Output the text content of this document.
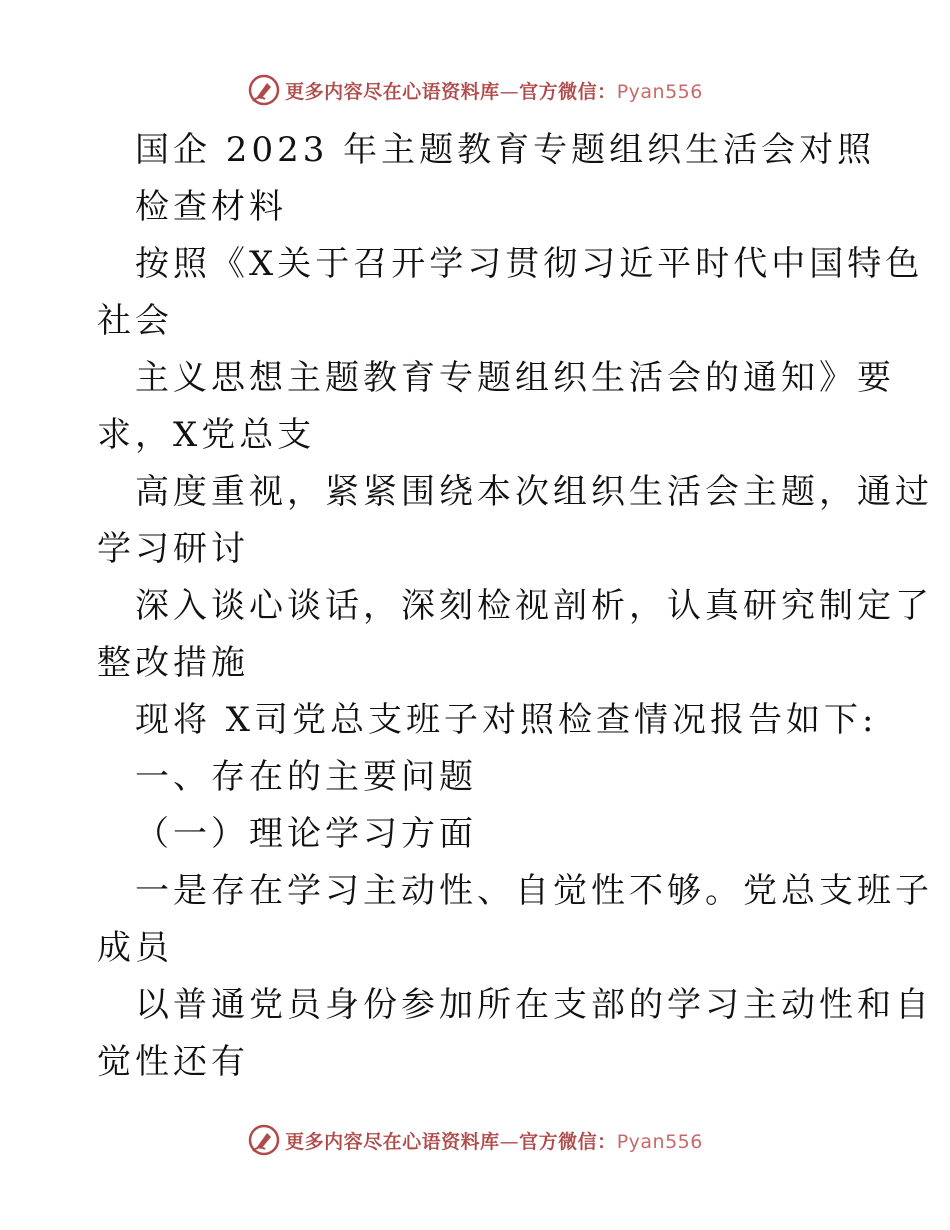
更多内容尽在心语资料库 — 官方微信： Pyan556
国企 2023 年主题教育专题组织生活会对照
检查材料
按照《X关于召开学习贯彻习近平时代中国特色
社会
主义思想主题教育专题组织生活会的通知》要
求，X党总支
高度重视，紧紧围绕本次组织生活会主题，通过
学习研讨
深入谈心谈话，深刻检视剖析，认真研究制定了
整改措施
现将 X司党总支班子对照检查情况报告如下:
一、存在的主要问题
（一）理论学习方面
一是存在学习主动性、自觉性不够。党总支班子
成员
以普通党员身份参加所在支部的学习主动性和自
觉性还有
更多内容尽在心语资料库 — 官方微信： Pyan556
